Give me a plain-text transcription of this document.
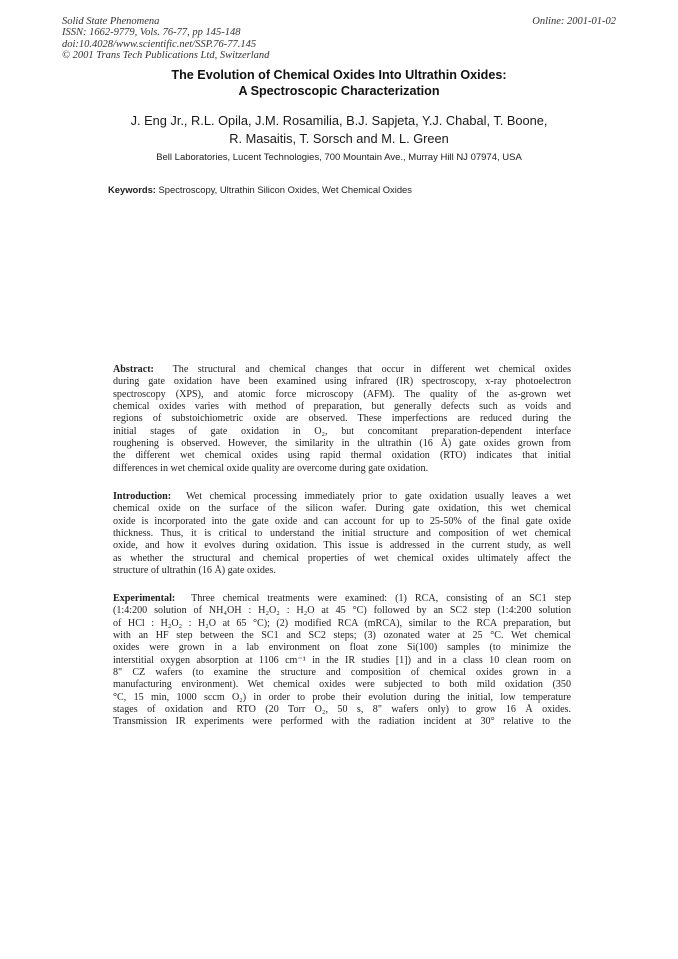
Solid State Phenomena
ISSN: 1662-9779, Vols. 76-77, pp 145-148
doi:10.4028/www.scientific.net/SSP.76-77.145
© 2001 Trans Tech Publications Ltd, Switzerland
Online: 2001-01-02
The Evolution of Chemical Oxides Into Ultrathin Oxides:
A Spectroscopic Characterization
J. Eng Jr., R.L. Opila, J.M. Rosamilia, B.J. Sapjeta, Y.J. Chabal, T. Boone,
R. Masaitis, T. Sorsch and M. L. Green
Bell Laboratories, Lucent Technologies, 700 Mountain Ave., Murray Hill NJ 07974, USA
Keywords: Spectroscopy, Ultrathin Silicon Oxides, Wet Chemical Oxides
Abstract: The structural and chemical changes that occur in different wet chemical oxides
during gate oxidation have been examined using infrared (IR) spectroscopy, x-ray photoelectron
spectroscopy (XPS), and atomic force microscopy (AFM). The quality of the as-grown wet
chemical oxides varies with method of preparation, but generally defects such as voids and
regions of substoichiometric oxide are observed. These imperfections are reduced during the
initial stages of gate oxidation in O₂, but concomitant preparation-dependent interface
roughening is observed. However, the similarity in the ultrathin (16 Å) gate oxides grown from
the different wet chemical oxides using rapid thermal oxidation (RTO) indicates that initial
differences in wet chemical oxide quality are overcome during gate oxidation.
Introduction: Wet chemical processing immediately prior to gate oxidation usually leaves a wet
chemical oxide on the surface of the silicon wafer. During gate oxidation, this wet chemical
oxide is incorporated into the gate oxide and can account for up to 25-50% of the final gate oxide
thickness. Thus, it is critical to understand the initial structure and composition of wet chemical
oxide, and how it evolves during oxidation. This issue is addressed in the current study, as well
as whether the structural and chemical properties of wet chemical oxides ultimately affect the
structure of ultrathin (16 Å) gate oxides.
Experimental: Three chemical treatments were examined: (1) RCA, consisting of an SC1 step
(1:4:200 solution of NH₄OH : H₂O₂ : H₂O at 45 °C) followed by an SC2 step (1:4:200 solution
of HCl : H₂O₂ : H₂O at 65 °C); (2) modified RCA (mRCA), similar to the RCA preparation, but
with an HF step between the SC1 and SC2 steps; (3) ozonated water at 25 °C. Wet chemical
oxides were grown in a lab environment on float zone Si(100) samples (to minimize the
interstitial oxygen absorption at 1106 cm⁻¹ in the IR studies [1]) and in a class 10 clean room on
8" CZ wafers (to examine the structure and composition of chemical oxides grown in a
manufacturing environment). Wet chemical oxides were subjected to both mild oxidation (350
°C, 15 min, 1000 sccm O₂) in order to probe their evolution during the initial, low temperature
stages of oxidation and RTO (20 Torr O₂, 50 s, 8" wafers only) to grow 16 Å oxides.
Transmission IR experiments were performed with the radiation incident at 30° relative to the
